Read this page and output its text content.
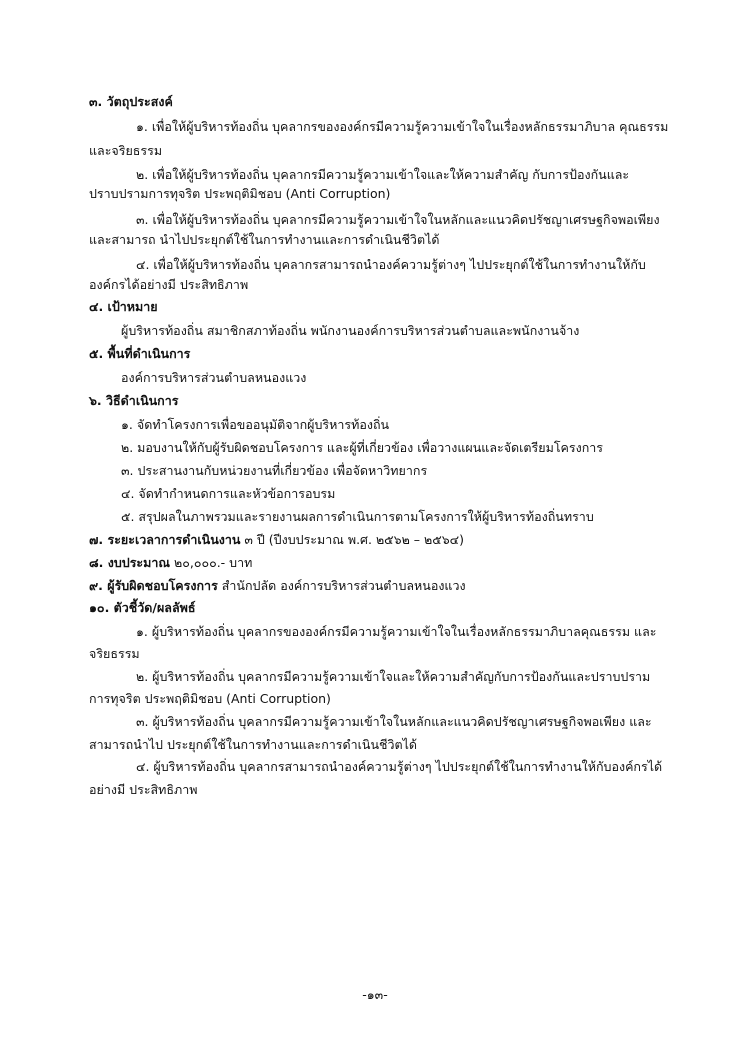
๓. วัตถุประสงค์

๑. เพื่อให้ผู้บริหารท้องถิ่น บุคลากรขององค์กรมีความรู้ความเข้าใจในเรื่องหลักธรรมาภิบาล คุณธรรม

และจริยธรรม

๒. เพื่อให้ผู้บริหารท้องถิ่น บุคลากรมีความรู้ความเข้าใจและให้ความสำคัญ กับการป้องกันและ

ปราบปรามการทุจริต ประพฤติมิชอบ (Anti Corruption)

๓. เพื่อให้ผู้บริหารท้องถิ่น บุคลากรมีความรู้ความเข้าใจในหลักและแนวคิดปรัชญาเศรษฐกิจพอเพียง

และสามารถ นำไปประยุกต์ใช้ในการทำงานและการดำเนินชีวิตได้

๔. เพื่อให้ผู้บริหารท้องถิ่น บุคลากรสามารถนำองค์ความรู้ต่างๆ ไปประยุกต์ใช้ในการทำงานให้กับ

องค์กรได้อย่างมี ประสิทธิภาพ

๔. เป้าหมาย

ผู้บริหารท้องถิ่น สมาชิกสภาท้องถิ่น พนักงานองค์การบริหารส่วนตำบลและพนักงานจ้าง

๕. พื้นที่ดำเนินการ

องค์การบริหารส่วนตำบลหนองแวง

๖. วิธีดำเนินการ

๑. จัดทำโครงการเพื่อขออนุมัติจากผู้บริหารท้องถิ่น

๒. มอบงานให้กับผู้รับผิดชอบโครงการ และผู้ที่เกี่ยวข้อง เพื่อวางแผนและจัดเตรียมโครงการ

๓. ประสานงานกับหน่วยงานที่เกี่ยวข้อง เพื่อจัดหาวิทยากร

๔. จัดทำกำหนดการและหัวข้อการอบรม

๕. สรุปผลในภาพรวมและรายงานผลการดำเนินการตามโครงการให้ผู้บริหารท้องถิ่นทราบ

๗. ระยะเวลาการดำเนินงาน ๓ ปี (ปีงบประมาณ พ.ศ. ๒๕๖๒ – ๒๕๖๔)

๘. งบประมาณ ๒๐,๐๐๐.- บาท

๙. ผู้รับผิดชอบโครงการ สำนักปลัด องค์การบริหารส่วนตำบลหนองแวง

๑๐. ตัวชี้วัด/ผลลัพธ์

๑. ผู้บริหารท้องถิ่น บุคลากรขององค์กรมีความรู้ความเข้าใจในเรื่องหลักธรรมาภิบาลคุณธรรม และ

จริยธรรม

๒. ผู้บริหารท้องถิ่น บุคลากรมีความรู้ความเข้าใจและให้ความสำคัญกับการป้องกันและปราบปราม

การทุจริต ประพฤติมิชอบ (Anti Corruption)

๓. ผู้บริหารท้องถิ่น บุคลากรมีความรู้ความเข้าใจในหลักและแนวคิดปรัชญาเศรษฐกิจพอเพียง และ

สามารถนำไป ประยุกต์ใช้ในการทำงานและการดำเนินชีวิตได้

๔. ผู้บริหารท้องถิ่น บุคลากรสามารถนำองค์ความรู้ต่างๆ ไปประยุกต์ใช้ในการทำงานให้กับองค์กรได้

อย่างมี ประสิทธิภาพ

-๑๓-
